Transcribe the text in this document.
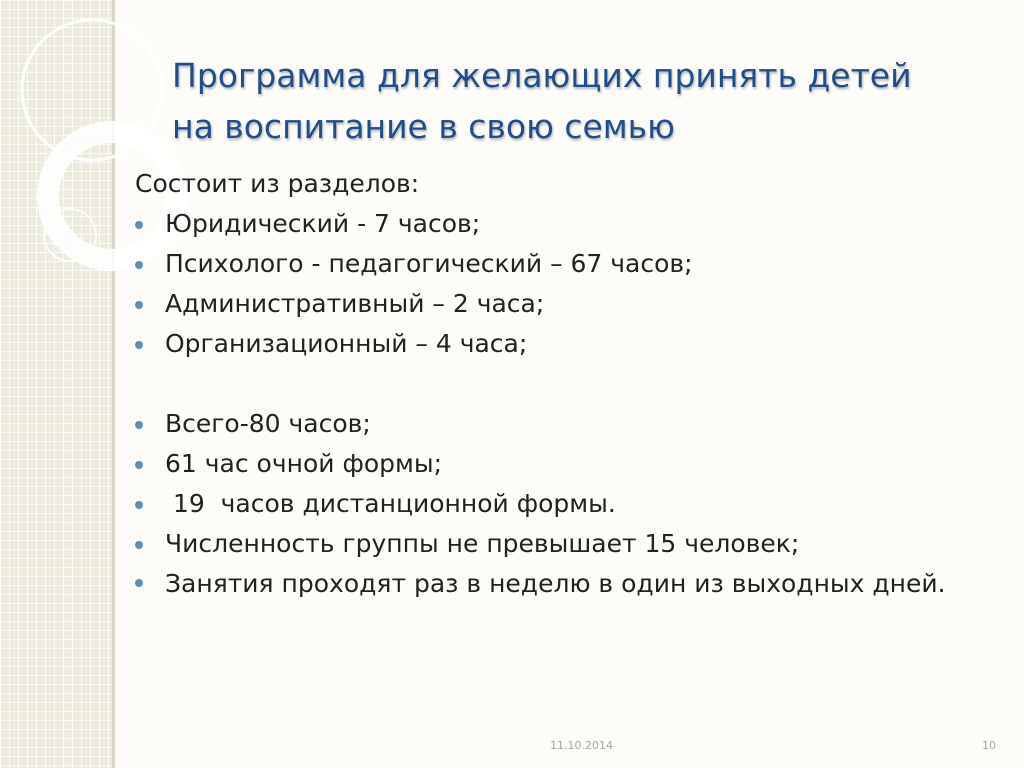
Программа для желающих принять детей на воспитание в свою семью

Состоит из разделов:

Юридический - 7 часов;
Психолого - педагогический – 67 часов;
Административный – 2 часа;
Организационный – 4 часа;
Всего-80 часов;
61 час очной формы;
19  часов дистанционной формы.
Численность группы не превышает 15 человек;
Занятия проходят раз в неделю в один из выходных дней.
11.10.2014	10
